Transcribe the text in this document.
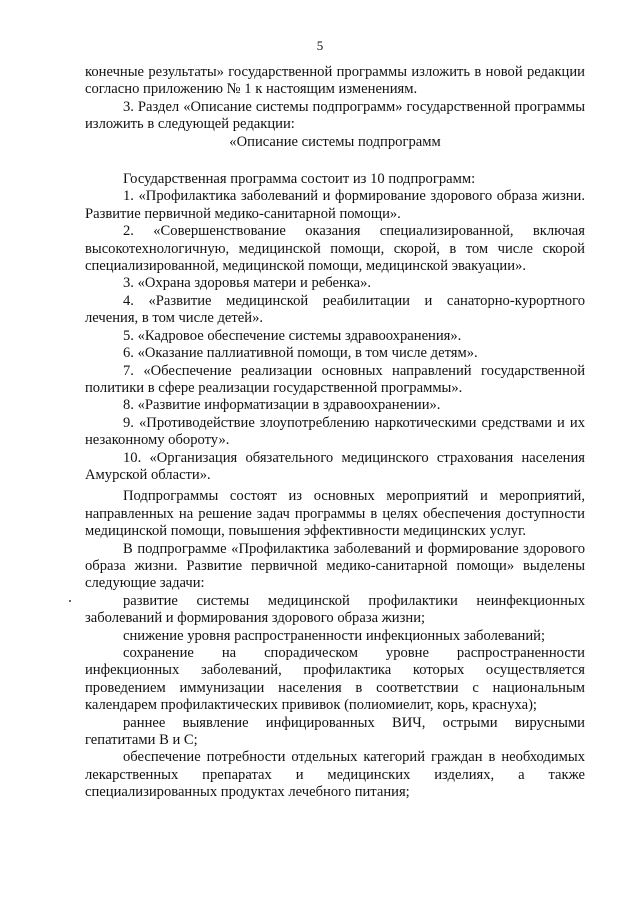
5

конечные результаты» государственной программы изложить в новой редакции согласно приложению № 1 к настоящим изменениям.

3. Раздел «Описание системы подпрограмм» государственной программы изложить в следующей редакции:

«Описание системы подпрограмм

Государственная программа состоит из 10 подпрограмм:

1. «Профилактика заболеваний и формирование здорового образа жизни. Развитие первичной медико-санитарной помощи».

2. «Совершенствование оказания специализированной, включая высокотехнологичную, медицинской помощи, скорой, в том числе скорой специализированной, медицинской помощи, медицинской эвакуации».

3. «Охрана здоровья матери и ребенка».

4. «Развитие медицинской реабилитации и санаторно-курортного лечения, в том числе детей».

5. «Кадровое обеспечение системы здравоохранения».

6. «Оказание паллиативной помощи, в том числе детям».

7. «Обеспечение реализации основных направлений государственной политики в сфере реализации государственной программы».

8. «Развитие информатизации в здравоохранении».

9. «Противодействие злоупотреблению наркотическими средствами и их незаконному обороту».

10. «Организация обязательного медицинского страхования населения Амурской области».

Подпрограммы состоят из основных мероприятий и мероприятий, направленных на решение задач программы в целях обеспечения доступности медицинской помощи, повышения эффективности медицинских услуг.

В подпрограмме «Профилактика заболеваний и формирование здорового образа жизни. Развитие первичной медико-санитарной помощи» выделены следующие задачи:

развитие системы медицинской профилактики неинфекционных заболеваний и формирования здорового образа жизни;

снижение уровня распространенности инфекционных заболеваний;

сохранение на спорадическом уровне распространенности инфекционных заболеваний, профилактика которых осуществляется проведением иммунизации населения в соответствии с национальным календарем профилактических прививок (полиомиелит, корь, краснуха);

раннее выявление инфицированных ВИЧ, острыми вирусными гепатитами В и С;

обеспечение потребности отдельных категорий граждан в необходимых лекарственных препаратах и медицинских изделиях, а также специализированных продуктах лечебного питания;
